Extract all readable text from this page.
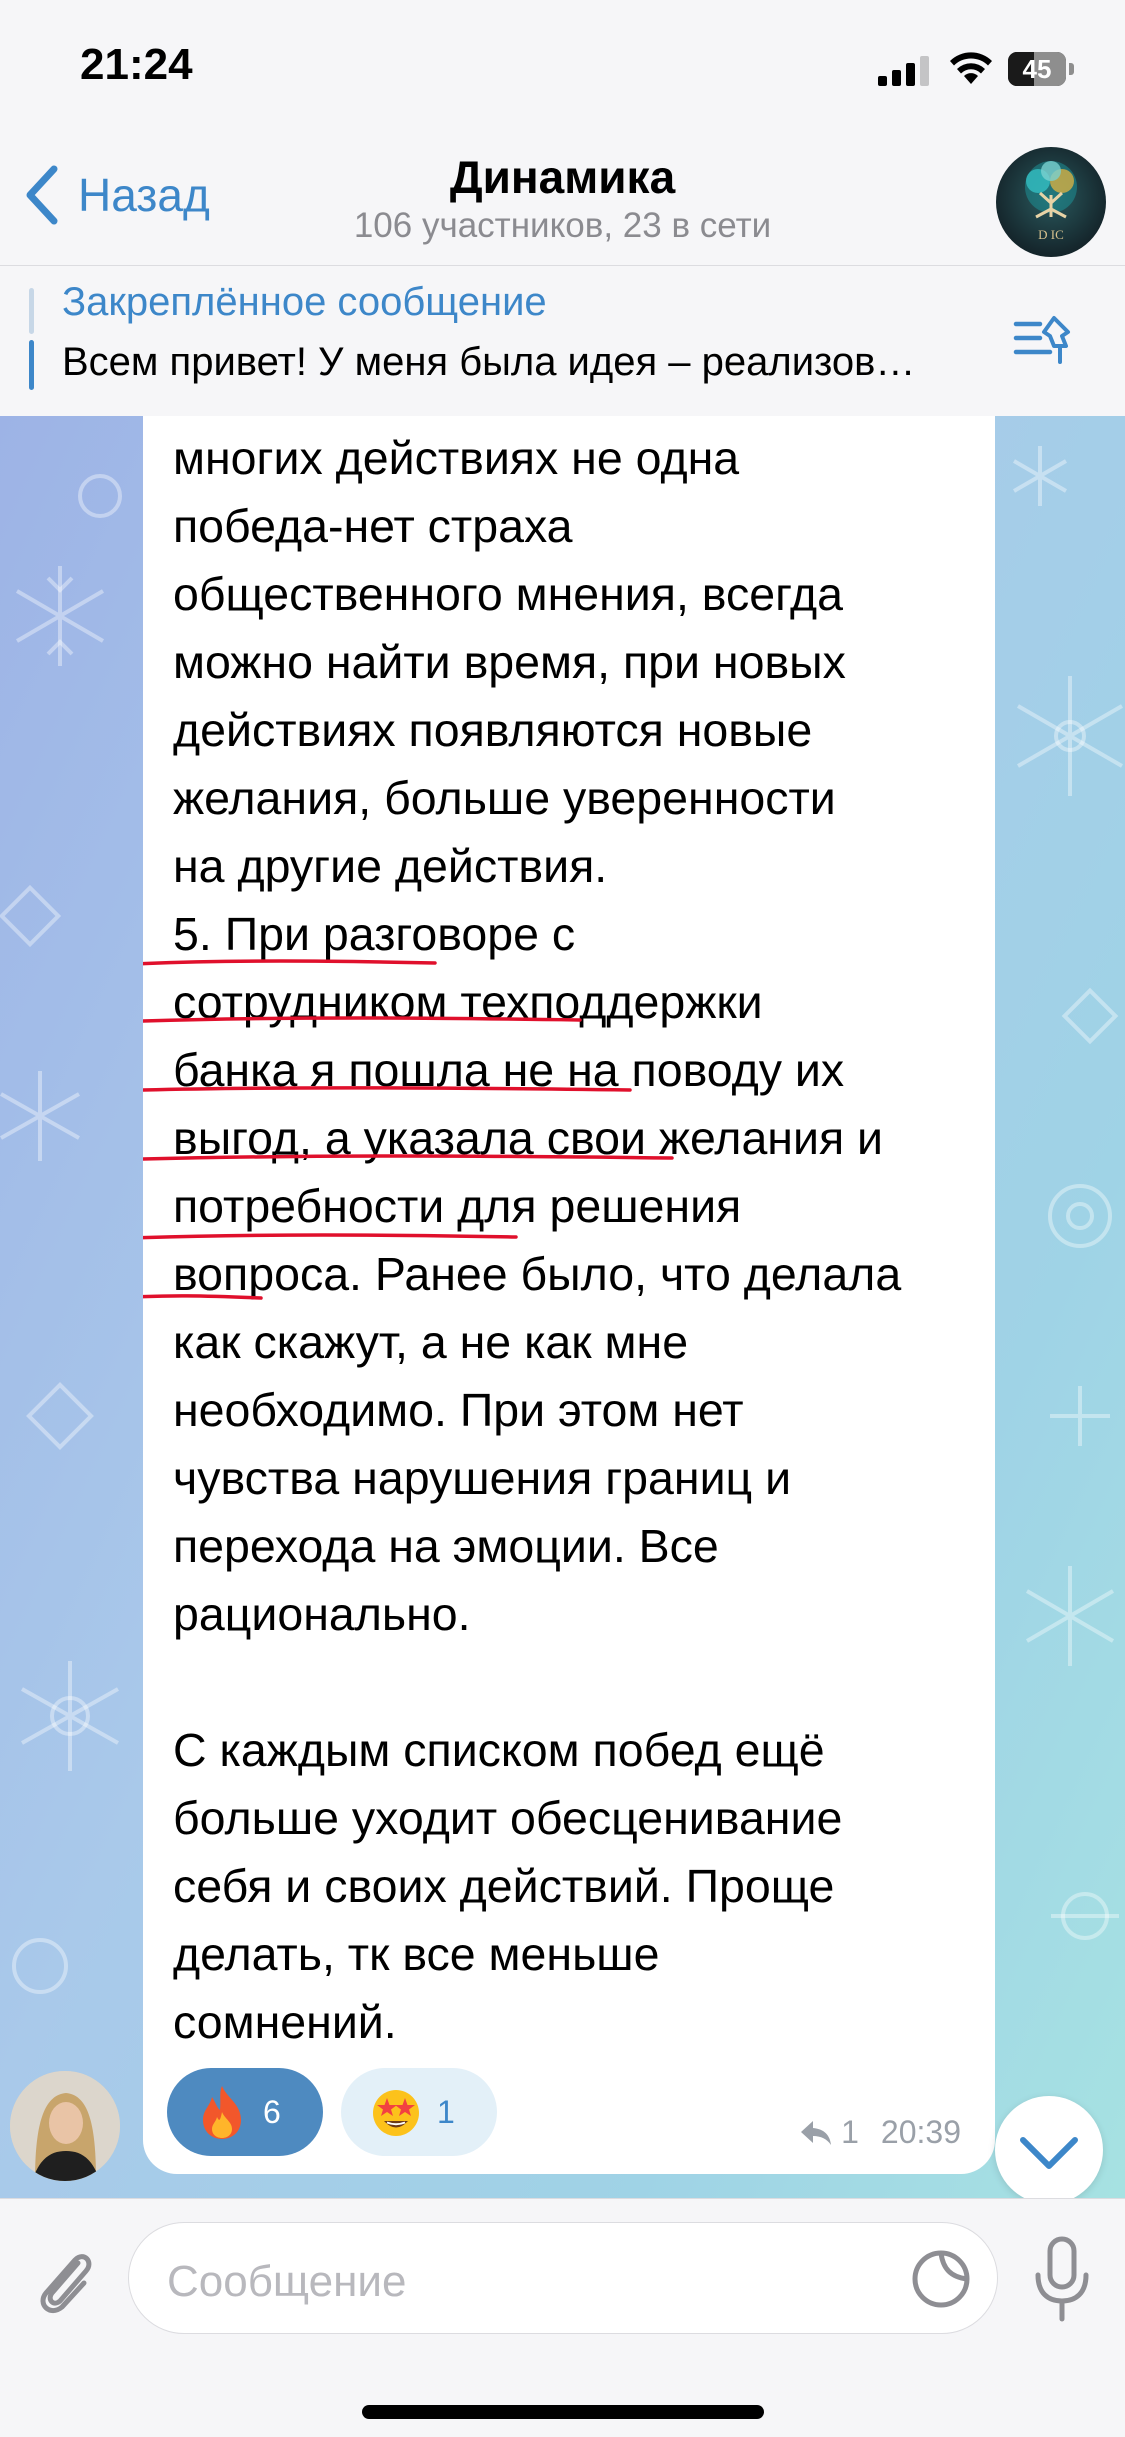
21:24	45
Назад	Динамика
106 участников, 23 в сети	D IC
Закреплённое сообщение
Всем привет! У меня была идея – реализов…
многих действиях не одна
победа-нет страха
общественного мнения, всегда
можно найти время, при новых
действиях появляются новые
желания, больше уверенности
на другие действия.
5. При разговоре с
сотрудником техподдержки
банка я пошла не на поводу их
выгод, а указала свои желания и
потребности для решения
вопроса. Ранее было, что делала
как скажут, а не как мне
необходимо. При этом нет
чувства нарушения границ и
перехода на эмоции. Все
рационально.
С каждым списком побед ещё
больше уходит обесценивание
себя и своих действий. Проще
делать, тк все меньше
сомнений.
6	1
1 20:39
Сообщение
